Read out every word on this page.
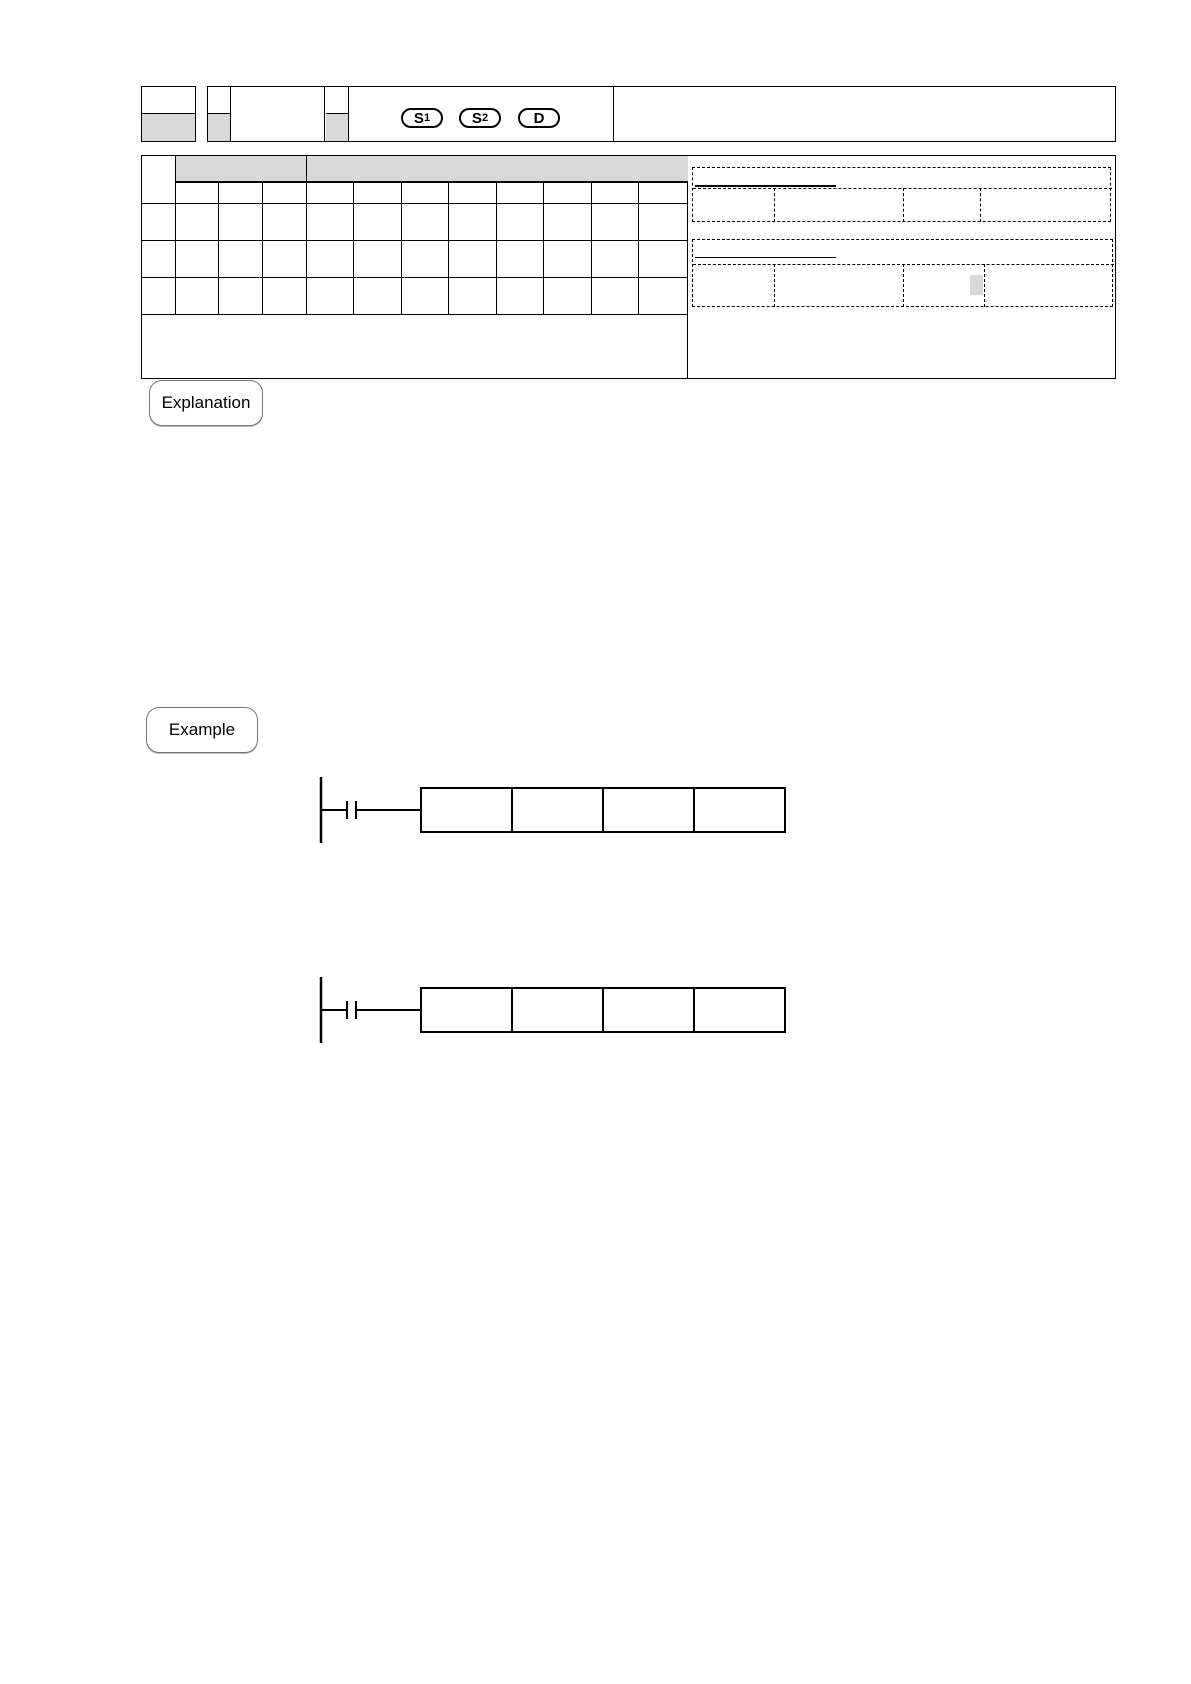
S 1	S 2	D
Explanation
Example
